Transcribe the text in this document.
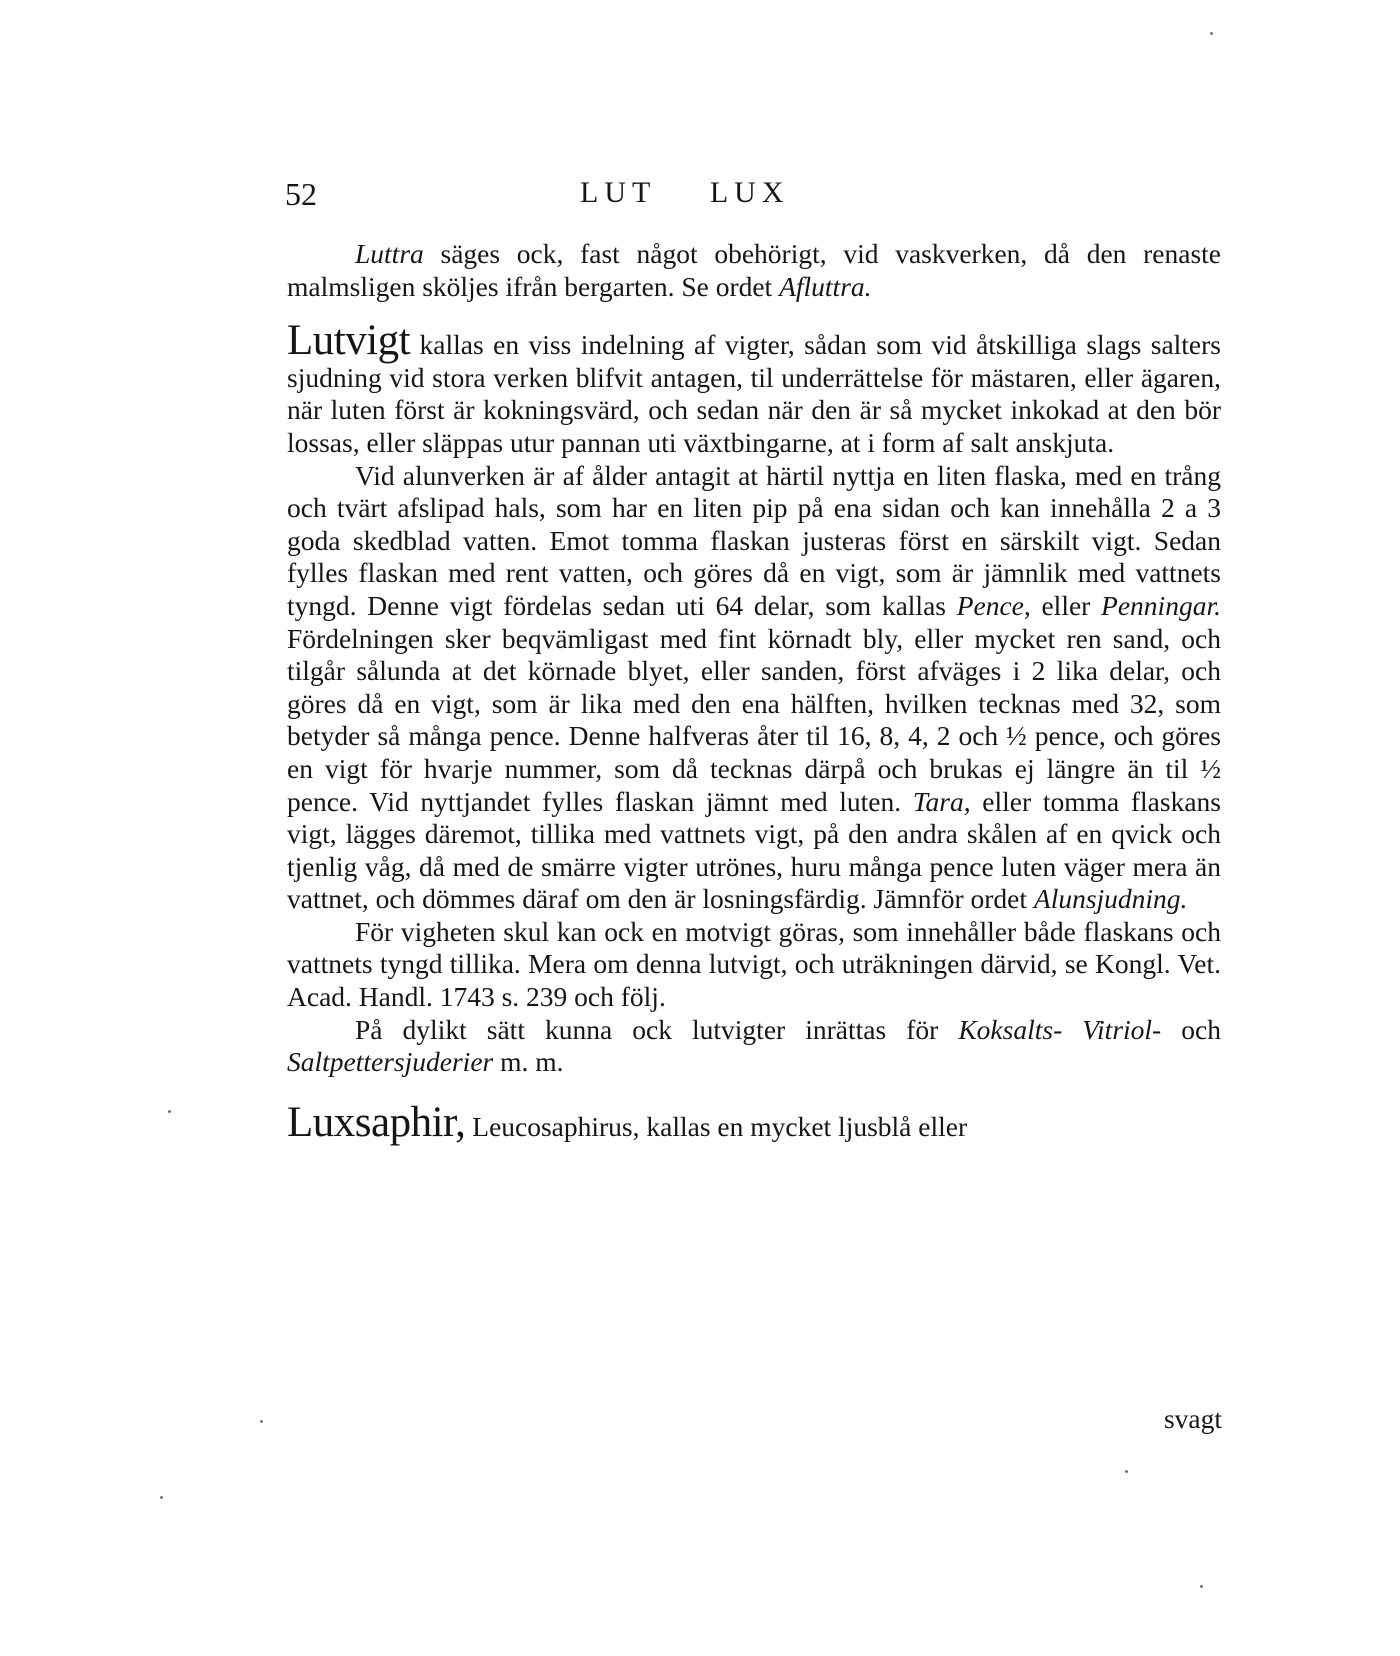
52	LUT LUX

Luttra säges ock, fast något obehörigt, vid vaskverken, då den renaste malmsligen sköljes ifrån bergarten. Se ordet Afluttra.

Lutvigt kallas en viss indelning af vigter, sådan som vid åtskilliga slags salters sjudning vid stora verken blifvit antagen, til underrättelse för mästaren, eller ägaren, när luten först är kokningsvärd, och sedan när den är så mycket inkokad at den bör lossas, eller släppas utur pannan uti växtbingarne, at i form af salt anskjuta.

Vid alunverken är af ålder antagit at härtil nyttja en liten flaska, med en trång och tvärt afslipad hals, som har en liten pip på ena sidan och kan innehålla 2 a 3 goda skedblad vatten. Emot tomma flaskan justeras först en särskilt vigt. Sedan fylles flaskan med rent vatten, och göres då en vigt, som är jämnlik med vattnets tyngd. Denne vigt fördelas sedan uti 64 delar, som kallas Pence, eller Penningar. Fördelningen sker beqvämligast med fint körnadt bly, eller mycket ren sand, och tilgår sålunda at det körnade blyet, eller sanden, först afväges i 2 lika delar, och göres då en vigt, som är lika med den ena hälften, hvilken tecknas med 32, som betyder så många pence. Denne halfveras åter til 16, 8, 4, 2 och ½ pence, och göres en vigt för hvarje nummer, som då tecknas därpå och brukas ej längre än til ½ pence. Vid nyttjandet fylles flaskan jämnt med luten. Tara, eller tomma flaskans vigt, lägges däremot, tillika med vattnets vigt, på den andra skålen af en qvick och tjenlig våg, då med de smärre vigter utrönes, huru många pence luten väger mera än vattnet, och dömmes däraf om den är losningsfärdig. Jämnför ordet Alunsjudning.

För vigheten skul kan ock en motvigt göras, som innehåller både flaskans och vattnets tyngd tillika. Mera om denna lutvigt, och uträkningen därvid, se Kongl. Vet. Acad. Handl. 1743 s. 239 och följ.

På dylikt sätt kunna ock lutvigter inrättas för Koksalts- Vitriol- och Saltpettersjuderier m. m.

Luxsaphir, Leucosaphirus, kallas en mycket ljusblå eller

svagt
